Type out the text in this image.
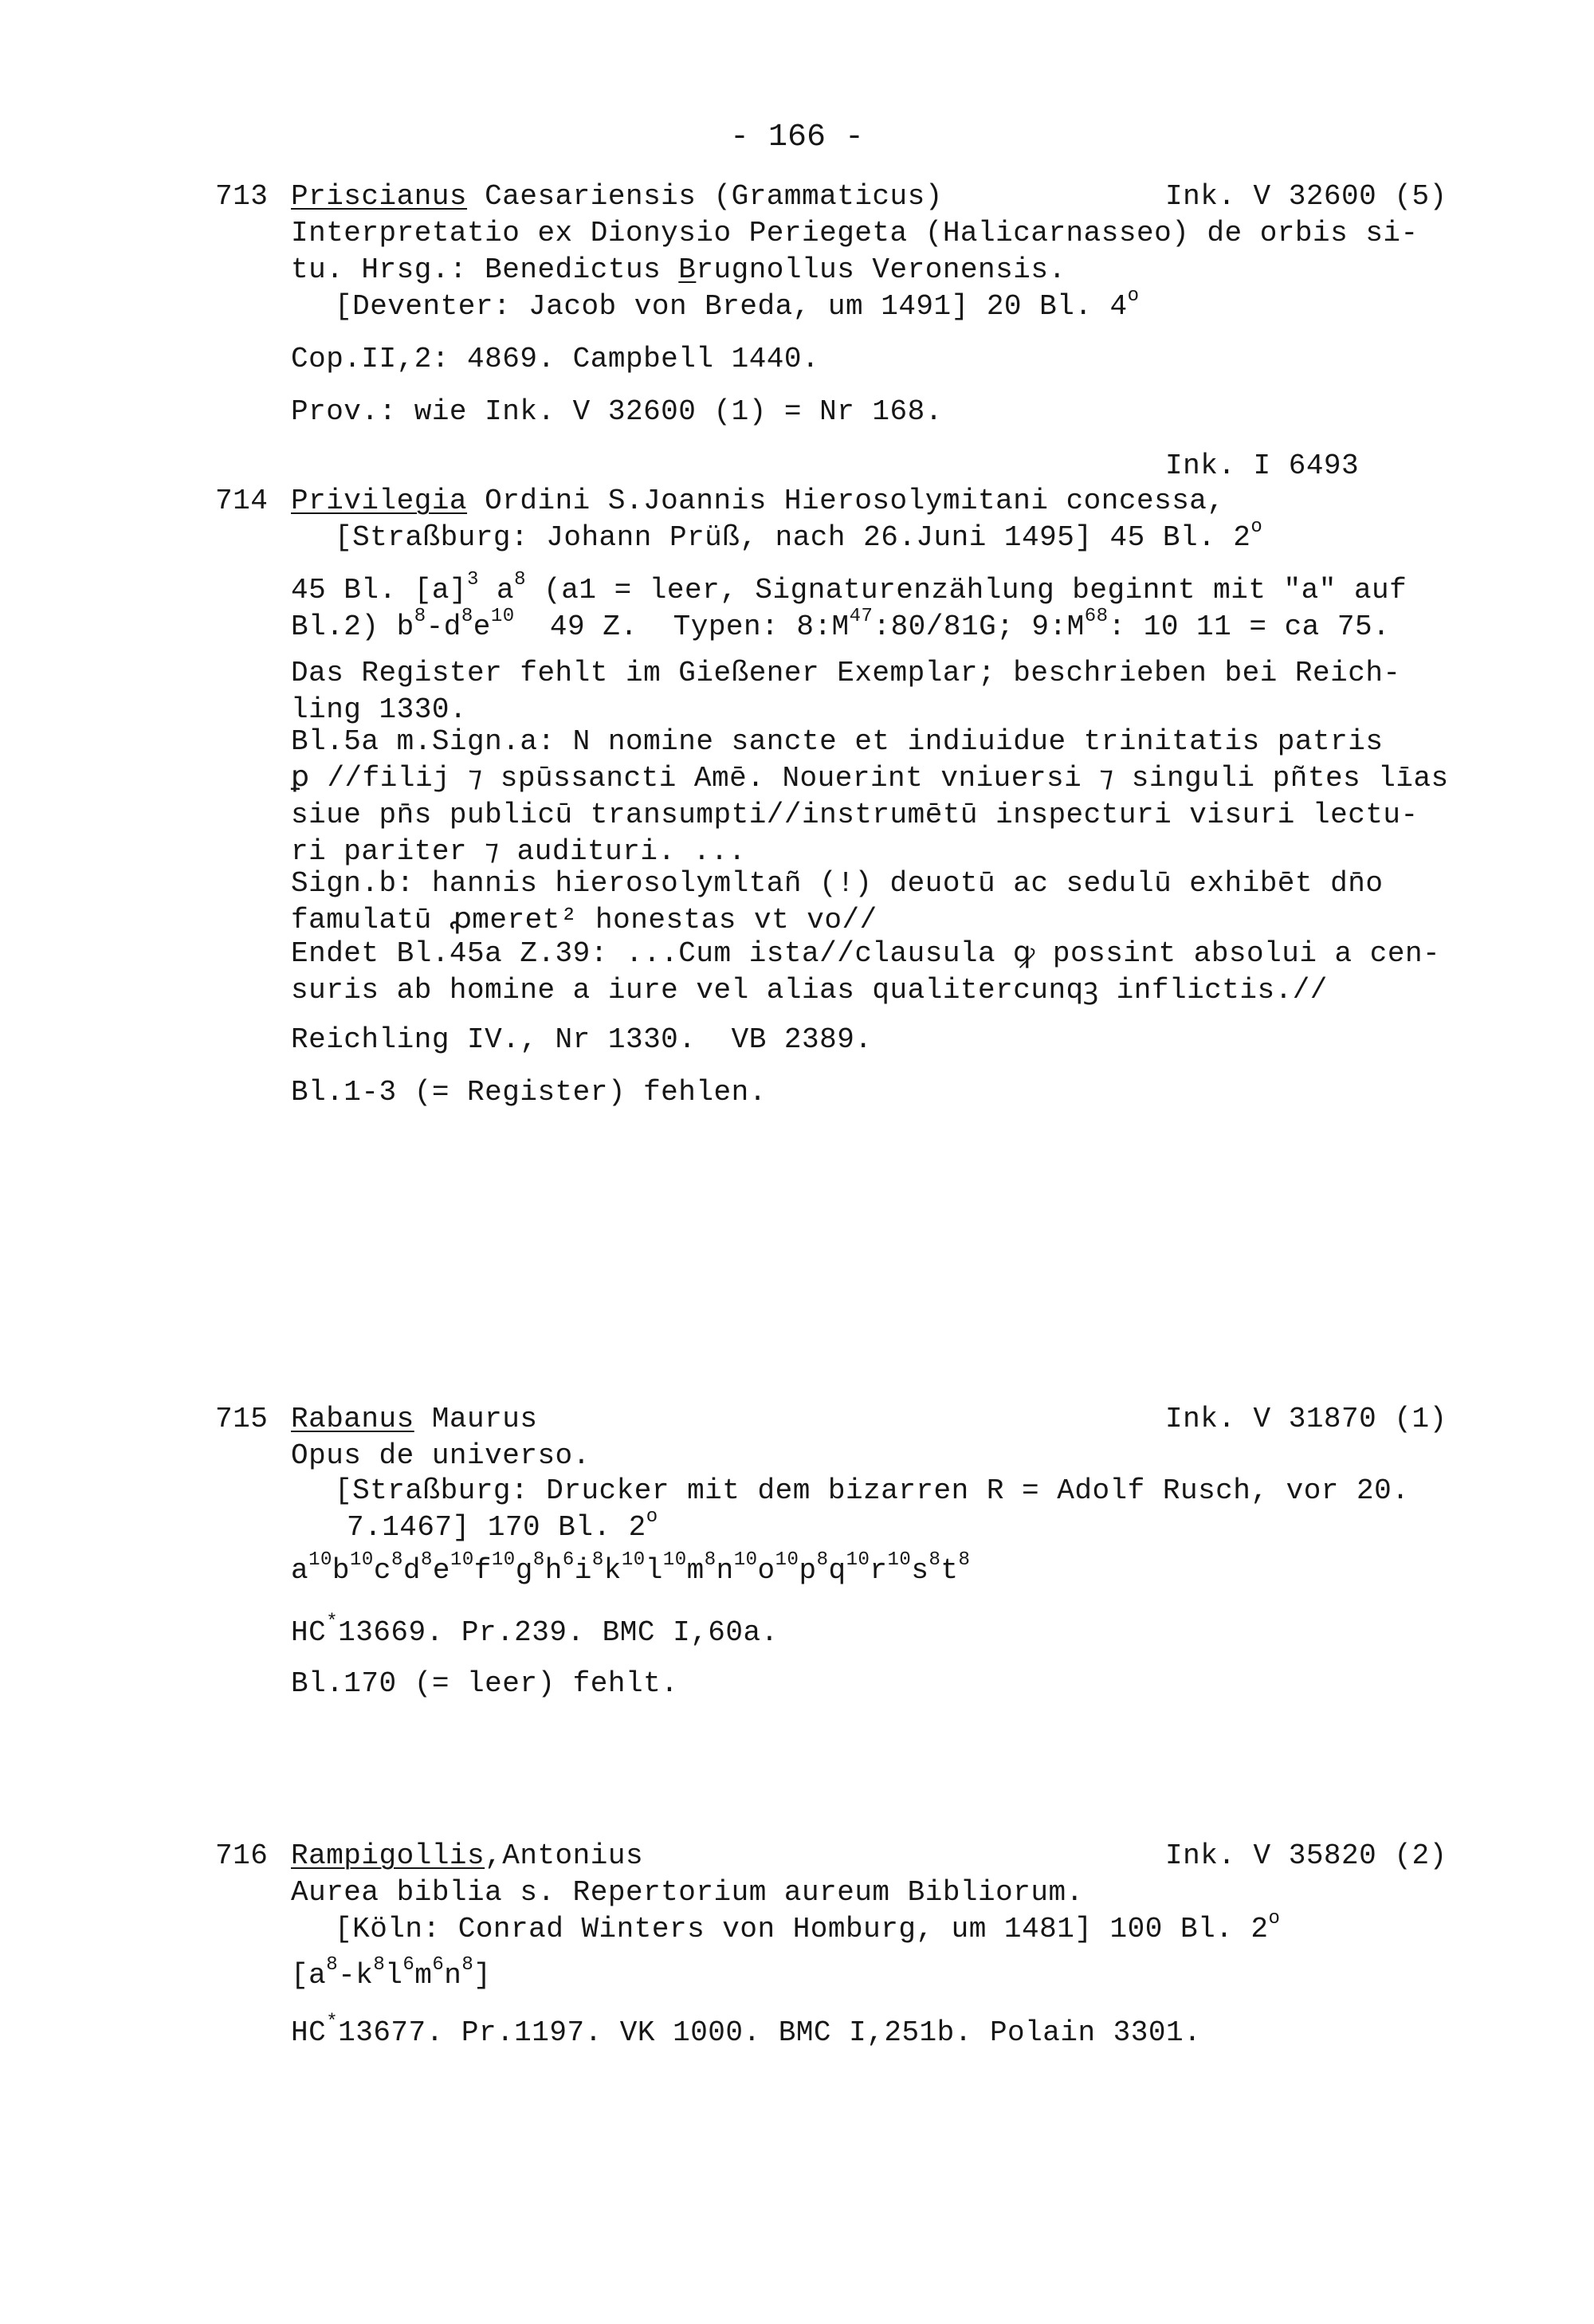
- 166 -
713 Priscianus Caesariensis (Grammaticus)	Ink. V 32600 (5)
Interpretatio ex Dionysio Periegeta (Halicarnasseo) de orbis si-
tu. Hrsg.: Benedictus Brugnollus Veronensis.
[Deventer: Jacob von Breda, um 1491] 20 Bl. 4$^o$
Cop.II,2: 4869. Campbell 1440.
Prov.: wie Ink. V 32600 (1) = Nr 168.
Ink. I 6493
714 Privilegia Ordini S.Joannis Hierosolymitani concessa,
[Straßburg: Johann Prüß, nach 26.Juni 1495] 45 Bl. 2$^o$
45 Bl. $[a]^3$ $a^8$ (a1 = leer, Signaturenzählung beginnt mit "a" auf
Bl.2) $b^8-d^8e^{10}$  49 Z.  Typen: $8:M^{47}:80/81G$; $9:M^{68}$: 10 11 = ca 75.
Das Register fehlt im Gießener Exemplar; beschrieben bei Reich-
ling 1330.
Bl.5a m.Sign.a: N nomine sancte et indiuidue trinitatis patris
ꝑ //filij ⁊ spūssancti Amē. Nouerint vniuersi ⁊ singuli pñtes līas
siue pn̄s publicū transumpti//instrumētū inspecturi visuri lectu-
ri pariter ⁊ audituri. ...
Sign.b: hannis hierosolymltañ (!) deuotū ac sedulū exhibēt dn̄o
famulatū ꝓmeret² honestas vt vo//
Endet Bl.45a Z.39: ...Cum ista//clausula ꝙ possint absolui a cen-
suris ab homine a iure vel alias qualitercunqꝫ inflictis.//
Reichling IV., Nr 1330.  VB 2389.
Bl.1-3 (= Register) fehlen.
715 Rabanus Maurus	Ink. V 31870 (1)
Opus de universo.
[Straßburg: Drucker mit dem bizarren R = Adolf Rusch, vor 20.
7.1467] 170 Bl. 2$^o$
$a^{10}b^{10}c^8d^8e^{10}f^{10}g^8h^6i^8k^{10}l^{10}m^8n^{10}o^{10}p^8q^{10}r^{10}s^8t^8$
HC*13669. Pr.239. BMC I,60a.
Bl.170 (= leer) fehlt.
716 Rampigollis,Antonius	Ink. V 35820 (2)
Aurea biblia s. Repertorium aureum Bibliorum.
[Köln: Conrad Winters von Homburg, um 1481] 100 Bl. 2$^o$
$[a^8-k^8l^6m^6n^8]$
HC*13677. Pr.1197. VK 1000. BMC I,251b. Polain 3301.
